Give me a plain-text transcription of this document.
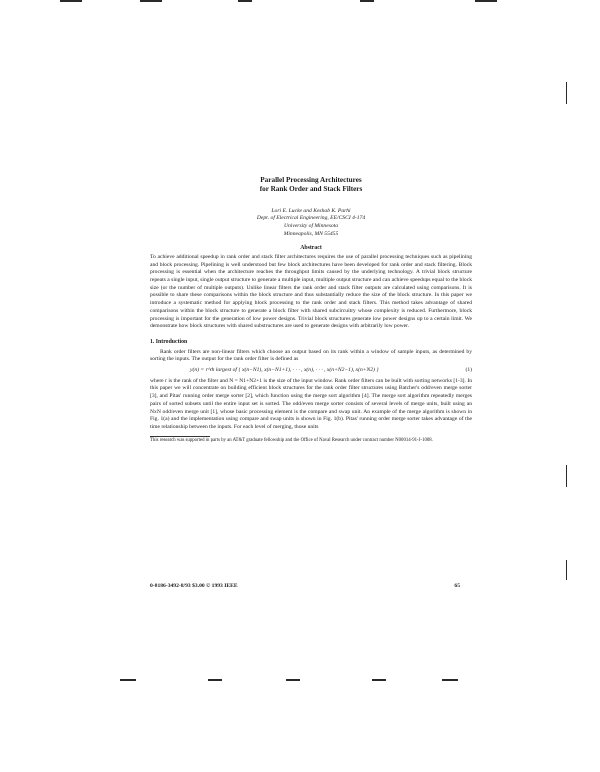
Parallel Processing Architectures
for Rank Order and Stack Filters
Lori E. Lucke and Keshab K. Parhi
Dept. of Electrical Engineering, EE/CSCI 4-174
University of Minnesota
Minneapolis, MN 55455
Abstract
To achieve additional speedup in rank order and stack filter architectures requires the use of parallel processing techniques such as pipelining and block processing. Pipelining is well understood but few block architectures have been developed for rank order and stack filtering. Block processing is essential when the architecture reaches the throughput limits caused by the underlying technology. A trivial block structure repeats a single input, single output structure to generate a multiple input, multiple output structure and can achieve speedups equal to the block size (or the number of multiple outputs). Unlike linear filters the rank order and stack filter outputs are calculated using comparisons. It is possible to share these comparisons within the block structure and thus substantially reduce the size of the block structure. In this paper we introduce a systematic method for applying block processing to the rank order and stack filters. This method takes advantage of shared comparisons within the block structure to generate a block filter with shared subcircuitry whose complexity is reduced. Furthermore, block processing is important for the generation of low power designs. Trivial block structures generate low power designs up to a certain limit. We demonstrate how block structures with shared substructures are used to generate designs with arbitrarily low power.
1. Introduction
Rank order filters are non-linear filters which choose an output based on its rank within a window of sample inputs, as determined by sorting the inputs. The output for the rank order filter is defined as
y(n) = r^th largest of { x(n−N1), x(n−N1+1), · · · , x(n), · · · , x(n+N2−1), x(n+N2) }	(1)
where r is the rank of the filter and N = N1+N2+1 is the size of the input window. Rank order filters can be built with sorting networks [1-3]. In this paper we will concentrate on building efficient block structures for the rank order filter structures using Batcher's odd/even merge sorter [3], and Pitas' running order merge sorter [2], which function using the merge sort algorithm [4]. The merge sort algorithm repeatedly merges pairs of sorted subsets until the entire input set is sorted. The odd/even merge sorter consists of several levels of merge units, built using an NxN odd/even merge unit [1], whose basic processing element is the compare and swap unit. An example of the merge algorithm is shown in Fig. 1(a) and the implementation using compare and swap units is shown in Fig. 1(b). Pitas' running order merge sorter takes advantage of the time relationship between the inputs. For each level of merging, those units
This research was supported in parts by an AT&T graduate fellowship and the Office of Naval Research under contract number N00014-91-J-1008.
0-8186-3492-8/93 $3.00 © 1993 IEEE	65
